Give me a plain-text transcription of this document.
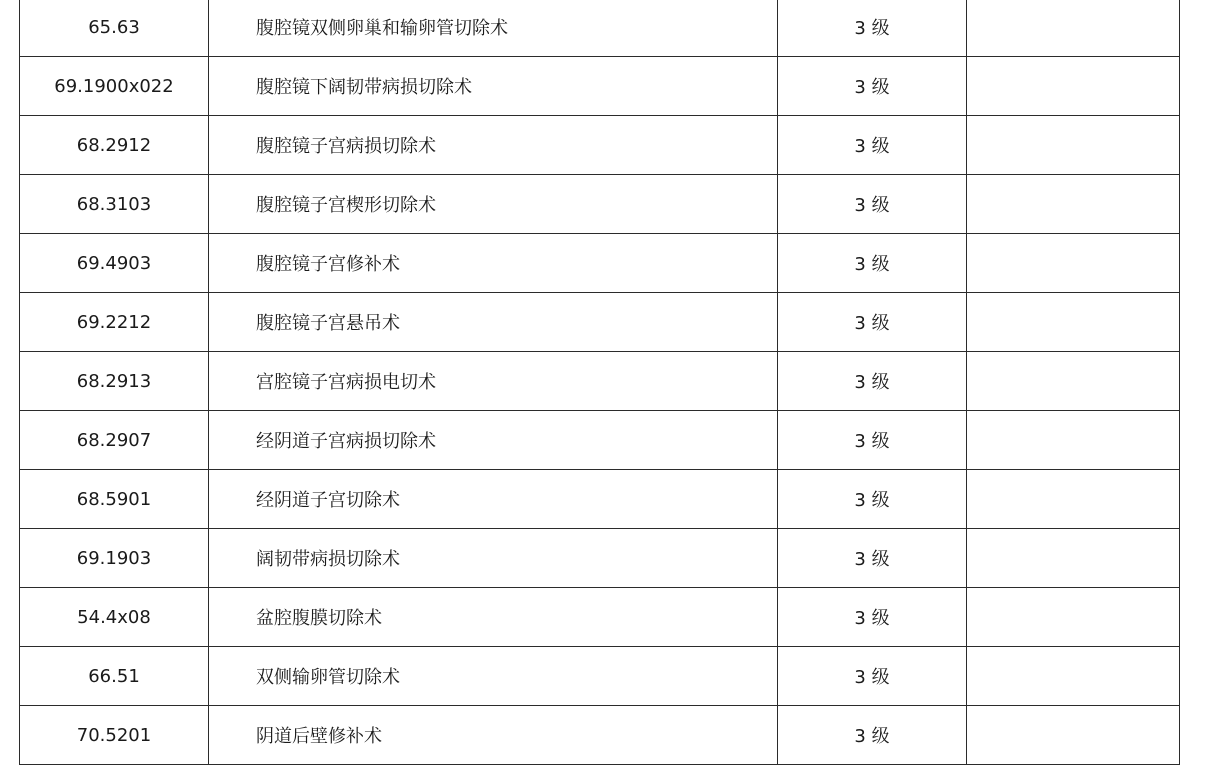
65.63	腹腔镜双侧卵巢和输卵管切除术	3 级	
69.1900x022	腹腔镜下阔韧带病损切除术	3 级	
68.2912	腹腔镜子宫病损切除术	3 级	
68.3103	腹腔镜子宫楔形切除术	3 级	
69.4903	腹腔镜子宫修补术	3 级	
69.2212	腹腔镜子宫悬吊术	3 级	
68.2913	宫腔镜子宫病损电切术	3 级	
68.2907	经阴道子宫病损切除术	3 级	
68.5901	经阴道子宫切除术	3 级	
69.1903	阔韧带病损切除术	3 级	
54.4x08	盆腔腹膜切除术	3 级	
66.51	双侧输卵管切除术	3 级	
70.5201	阴道后壁修补术	3 级	
